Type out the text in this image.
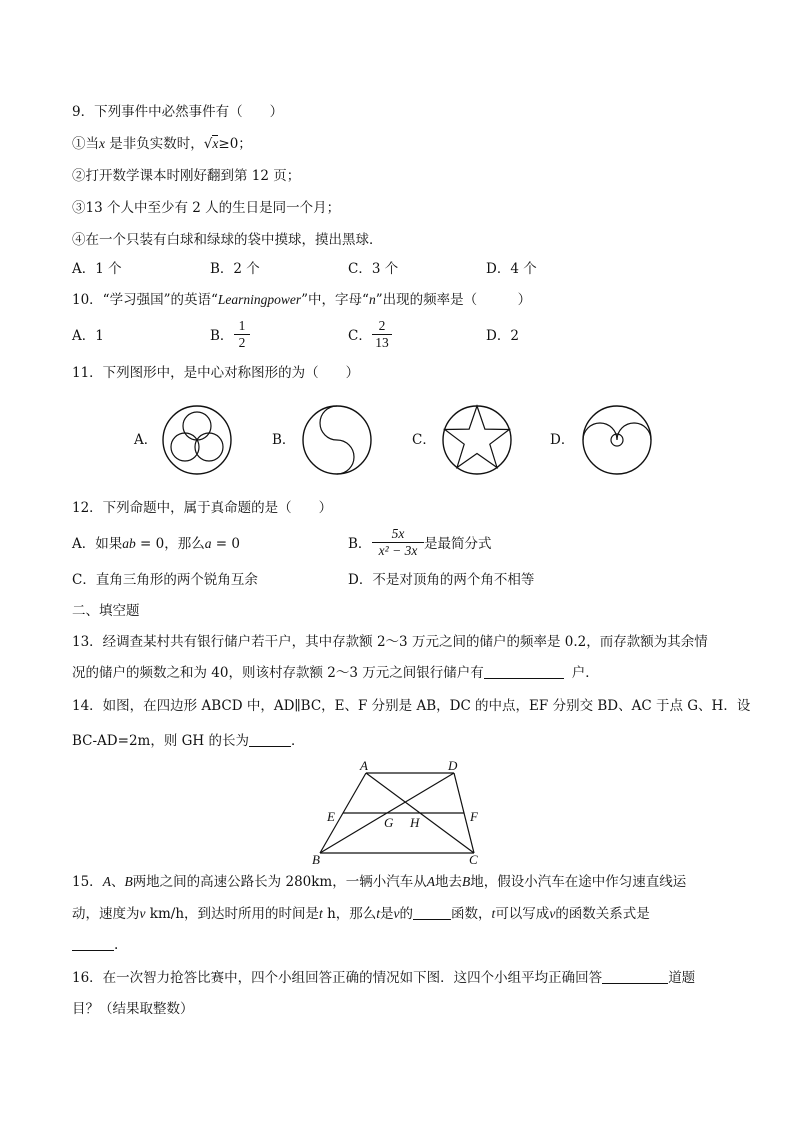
9．下列事件中必然事件有（　　）
①当x 是非负实数时，√x≥0；
②打开数学课本时刚好翻到第 12 页；
③13 个人中至少有 2 人的生日是同一个月；
④在一个只装有白球和绿球的袋中摸球，摸出黑球．
A．1 个	B．2 个	C．3 个	D．4 个
10．“学习强国”的英语“Learningpower”中，字母“n”出现的频率是（　　　）
A．1	B．
1
2	C．
2
13	D．2
11．下列图形中，是中心对称图形的为（　　）
A．	B．	C．	D．
12．下列命题中，属于真命题的是（　　）
A．如果ab = 0，那么a = 0	B．
5x
x² − 3x 是最简分式
C．直角三角形的两个锐角互余	D．不是对顶角的两个角不相等
二、填空题
13．经调查某村共有银行储户若干户，其中存款额 2～3 万元之间的储户的频率是 0.2，而存款额为其余情
况的储户的频数之和为 40，则该村存款额 2～3 万元之间银行储户有	户．
14．如图，在四边形 ABCD 中，AD∥BC，E、F 分别是 AB，DC 的中点，EF 分别交 BD、AC 于点 G、H．设
BC-AD=2m，则 GH 的长为	．
A	D
E	F
G H
B	C
15．A、B两地之间的高速公路长为 280km，一辆小汽车从A地去B地，假设小汽车在途中作匀速直线运
动，速度为v km/h，到达时所用的时间是t h，那么t是v的	函数，t可以写成v的函数关系式是
.
16．在一次智力抢答比赛中，四个小组回答正确的情况如下图．这四个小组平均正确回答	道题
目？（结果取整数）
